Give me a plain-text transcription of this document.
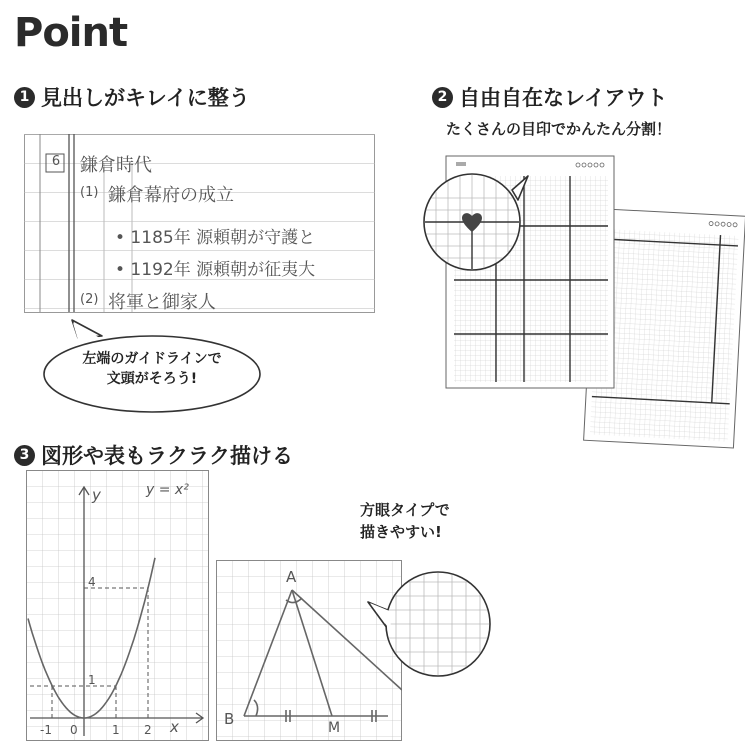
Point
1 見出しがキレイに整う
6 鎌倉時代
(1) 鎌倉幕府の成立
• 1185年 源頼朝が守護と
• 1192年 源頼朝が征夷大
(2) 将軍と御家人
左端のガイドラインで
文頭がそろう!
2 自由自在なレイアウト
たくさんの目印でかんたん分割！
3 図形や表もラクラク描ける
y	y = x²
x
0
-1	1 2
1
4	A
B	M
方眼タイプで
描きやすい!
